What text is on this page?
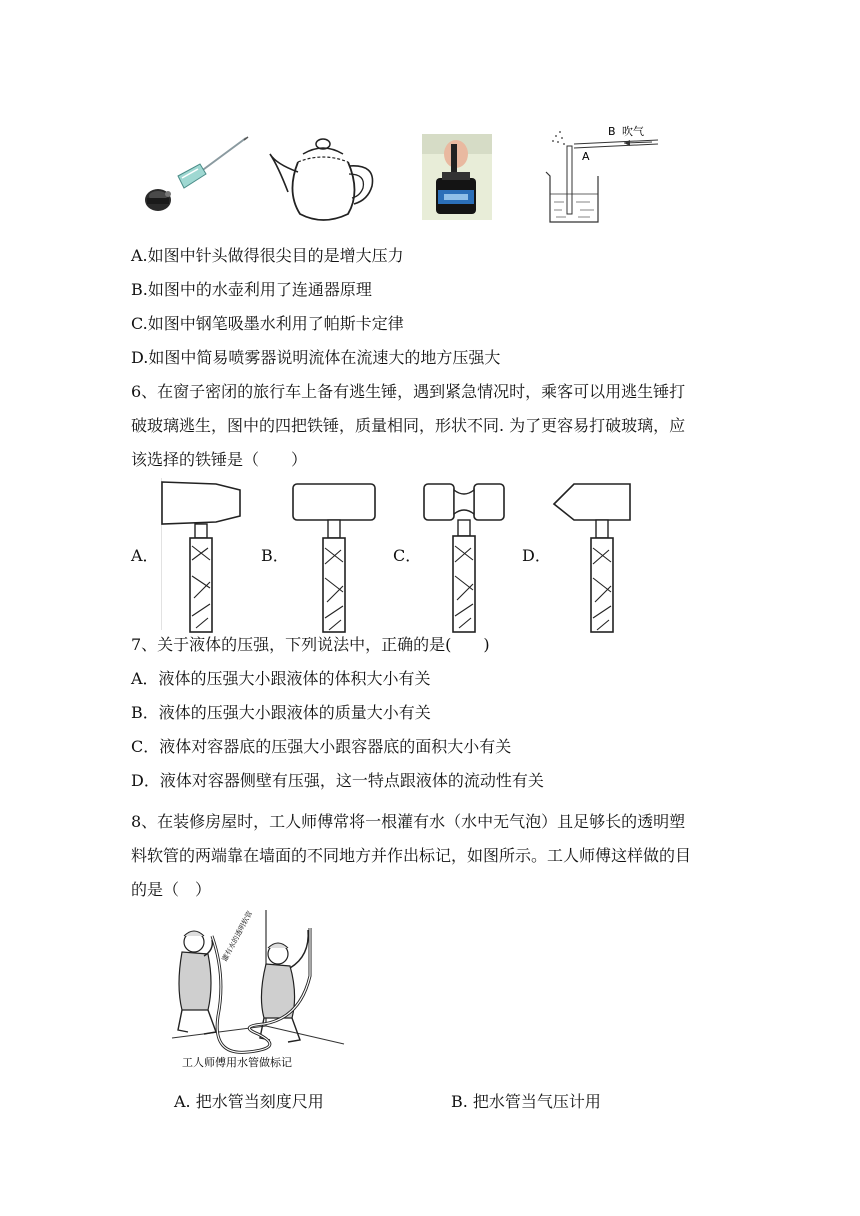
B 吹气
A
A.如图中针头做得很尖目的是增大压力
B.如图中的水壶利用了连通器原理
C.如图中钢笔吸墨水利用了帕斯卡定律
D.如图中简易喷雾器说明流体在流速大的地方压强大
6、在窗子密闭的旅行车上备有逃生锤，遇到紧急情况时，乘客可以用逃生锤打
破玻璃逃生，图中的四把铁锤，质量相同，形状不同. 为了更容易打破玻璃，应
该选择的铁锤是（　　）
A．	B．	C．	D．
7、关于液体的压强，下列说法中，正确的是(　　)
A．液体的压强大小跟液体的体积大小有关
B．液体的压强大小跟液体的质量大小有关
C．液体对容器底的压强大小跟容器底的面积大小有关
D．液体对容器侧壁有压强，这一特点跟液体的流动性有关
8、在装修房屋时，工人师傅常将一根灌有水（水中无气泡）且足够长的透明塑
料软管的两端靠在墙面的不同地方并作出标记，如图所示。工人师傅这样做的目
的是（　）
灌有水的透明软管
工人师傅用水管做标记
A. 把水管当刻度尺用	B. 把水管当气压计用
